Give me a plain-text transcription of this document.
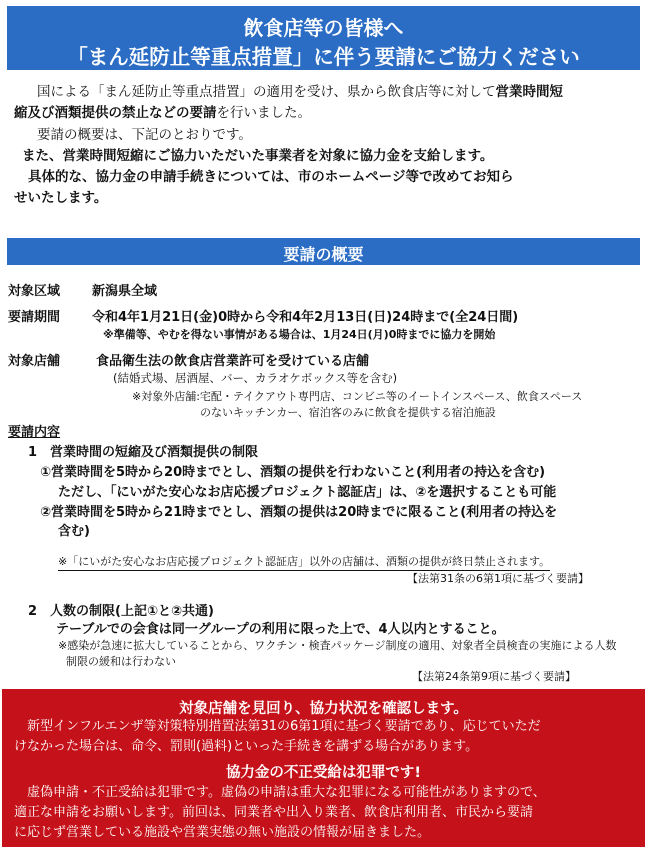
飲食店等の皆様へ
「まん延防止等重点措置」に伴う要請にご協力ください
国による「まん延防止等重点措置」の適用を受け、県から飲食店等に対して営業時間短
縮及び酒類提供の禁止などの要請を行いました。
要請の概要は、下記のとおりです。
また、営業時間短縮にご協力いただいた事業者を対象に協力金を支給します。
具体的な、協力金の申請手続きについては、市のホームページ等で改めてお知ら
せいたします。
要請の概要
対象区域 新潟県全域
要請期間 令和4年1月21日(金)0時から令和4年2月13日(日)24時まで(全24日間)
※準備等、やむを得ない事情がある場合は、1月24日(月)0時までに協力を開始
対象店舗	食品衛生法の飲食店営業許可を受けている店舗
(結婚式場、居酒屋、バー、カラオケボックス等を含む)
※対象外店舗:宅配・テイクアウト専門店、コンビニ等のイートインスペース、飲食スペース
のないキッチンカー、宿泊客のみに飲食を提供する宿泊施設
要請内容
1　営業時間の短縮及び酒類提供の制限
①営業時間を5時から20時までとし、酒類の提供を行わないこと(利用者の持込を含む)
ただし、「にいがた安心なお店応援プロジェクト認証店」は、②を選択することも可能
②営業時間を5時から21時までとし、酒類の提供は20時までに限ること(利用者の持込を
含む)
※「にいがた安心なお店応援プロジェクト認証店」以外の店舗は、酒類の提供が終日禁止されます。
【法第31条の6第1項に基づく要請】
2　人数の制限(上記①と②共通)
テーブルでの会食は同一グループの利用に限った上で、4人以内とすること。
※感染が急速に拡大していることから、ワクチン・検査パッケージ制度の適用、対象者全員検査の実施による人数
制限の緩和は行わない
【法第24条第9項に基づく要請】
対象店舗を見回り、協力状況を確認します。
新型インフルエンザ等対策特別措置法第31の6第1項に基づく要請であり、応じていただ
けなかった場合は、命令、罰則(過料)といった手続きを講ずる場合があります。
協力金の不正受給は犯罪です!
虚偽申請・不正受給は犯罪です。虚偽の申請は重大な犯罪になる可能性がありますので、
適正な申請をお願いします。前回は、同業者や出入り業者、飲食店利用者、市民から要請
に応じず営業している施設や営業実態の無い施設の情報が届きました。
